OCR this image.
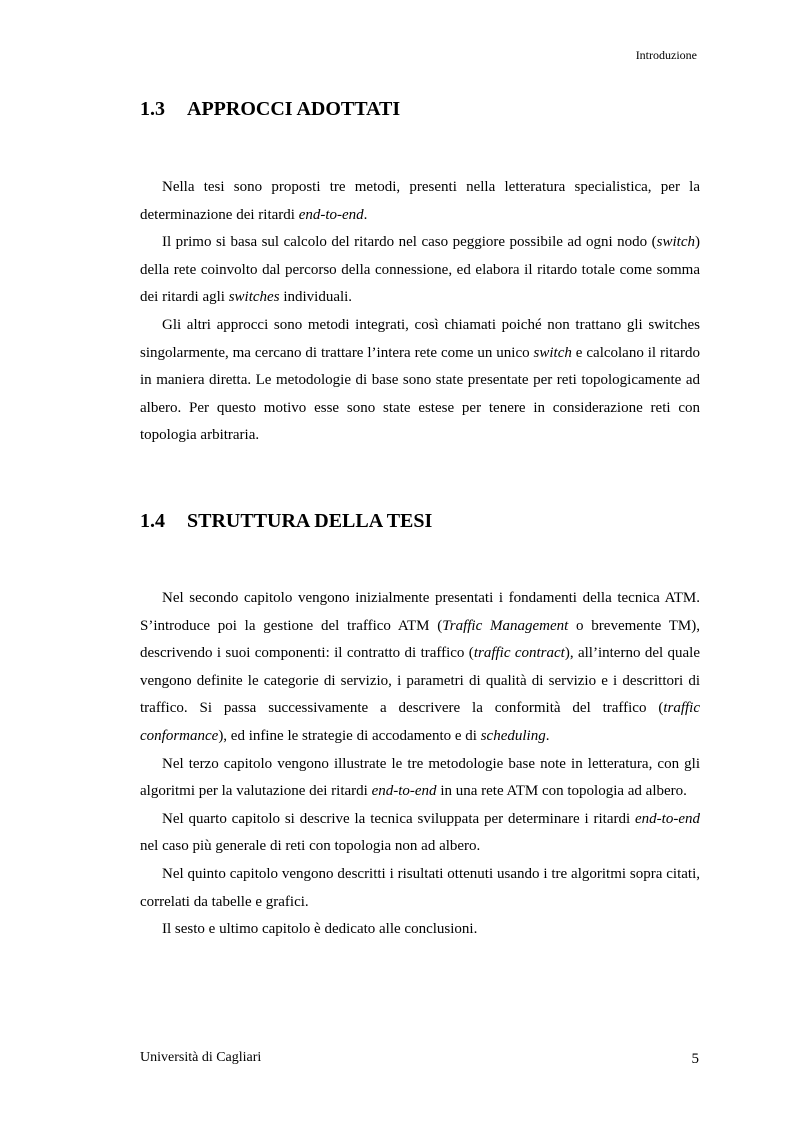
Introduzione
1.3 APPROCCI ADOTTATI

Nella tesi sono proposti tre metodi, presenti nella letteratura specialistica, per la determinazione dei ritardi end-to-end.

Il primo si basa sul calcolo del ritardo nel caso peggiore possibile ad ogni nodo (switch) della rete coinvolto dal percorso della connessione, ed elabora il ritardo totale come somma dei ritardi agli switches individuali.

Gli altri approcci sono metodi integrati, così chiamati poiché non trattano gli switches singolarmente, ma cercano di trattare l’intera rete come un unico switch e calcolano il ritardo in maniera diretta. Le metodologie di base sono state presentate per reti topologicamente ad albero. Per questo motivo esse sono state estese per tenere in considerazione reti con topologia arbitraria.

1.4 STRUTTURA DELLA TESI

Nel secondo capitolo vengono inizialmente presentati i fondamenti della tecnica ATM. S’introduce poi la gestione del traffico ATM (Traffic Management o brevemente TM), descrivendo i suoi componenti: il contratto di traffico (traffic contract), all’interno del quale vengono definite le categorie di servizio, i parametri di qualità di servizio e i descrittori di traffico. Si passa successivamente a descrivere la conformità del traffico (traffic conformance), ed infine le strategie di accodamento e di scheduling.

Nel terzo capitolo vengono illustrate le tre metodologie base note in letteratura, con gli algoritmi per la valutazione dei ritardi end-to-end in una rete ATM con topologia ad albero.

Nel quarto capitolo si descrive la tecnica sviluppata per determinare i ritardi end-to-end nel caso più generale di reti con topologia non ad albero.

Nel quinto capitolo vengono descritti i risultati ottenuti usando i tre algoritmi sopra citati, correlati da tabelle e grafici.

Il sesto e ultimo capitolo è dedicato alle conclusioni.

Università di Cagliari	5
